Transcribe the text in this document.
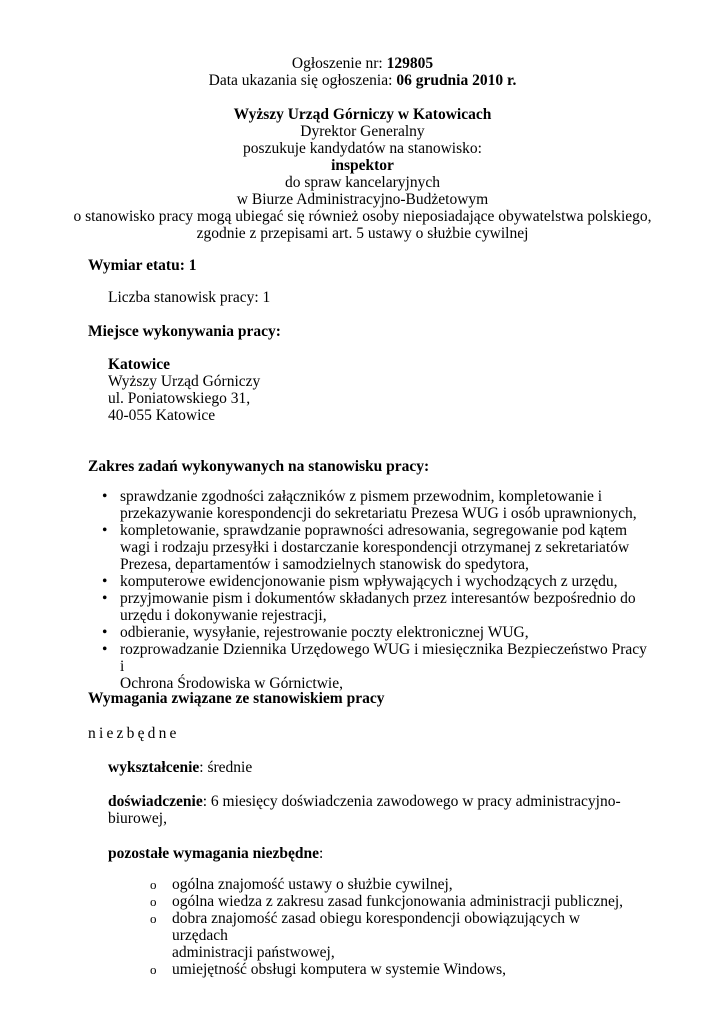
Ogłoszenie nr: 129805
Data ukazania się ogłoszenia: 06 grudnia 2010 r.
Wyższy Urząd Górniczy w Katowicach
Dyrektor Generalny
poszukuje kandydatów na stanowisko:
inspektor
do spraw kancelaryjnych
w Biurze Administracyjno-Budżetowym
o stanowisko pracy mogą ubiegać się również osoby nieposiadające obywatelstwa polskiego,
zgodnie z przepisami art. 5 ustawy o służbie cywilnej
Wymiar etatu: 1
Liczba stanowisk pracy: 1
Miejsce wykonywania pracy:
Katowice
Wyższy Urząd Górniczy
ul. Poniatowskiego 31,
40-055 Katowice
Zakres zadań wykonywanych na stanowisku pracy:
• sprawdzanie zgodności załączników z pismem przewodnim, kompletowanie i
przekazywanie korespondencji do sekretariatu Prezesa WUG i osób uprawnionych,
• kompletowanie, sprawdzanie poprawności adresowania, segregowanie pod kątem
wagi i rodzaju przesyłki i dostarczanie korespondencji otrzymanej z sekretariatów
Prezesa, departamentów i samodzielnych stanowisk do spedytora,
• komputerowe ewidencjonowanie pism wpływających i wychodzących z urzędu,
• przyjmowanie pism i dokumentów składanych przez interesantów bezpośrednio do
urzędu i dokonywanie rejestracji,
• odbieranie, wysyłanie, rejestrowanie poczty elektronicznej WUG,
• rozprowadzanie Dziennika Urzędowego WUG i miesięcznika Bezpieczeństwo Pracy i
Ochrona Środowiska w Górnictwie,
Wymagania związane ze stanowiskiem pracy
niezbędne
wykształcenie: średnie
doświadczenie: 6 miesięcy doświadczenia zawodowego w pracy administracyjno-
biurowej,
pozostałe wymagania niezbędne:
o ogólna znajomość ustawy o służbie cywilnej,
o ogólna wiedza z zakresu zasad funkcjonowania administracji publicznej,
o dobra znajomość zasad obiegu korespondencji obowiązujących w urzędach
administracji państwowej,
o umiejętność obsługi komputera w systemie Windows,
